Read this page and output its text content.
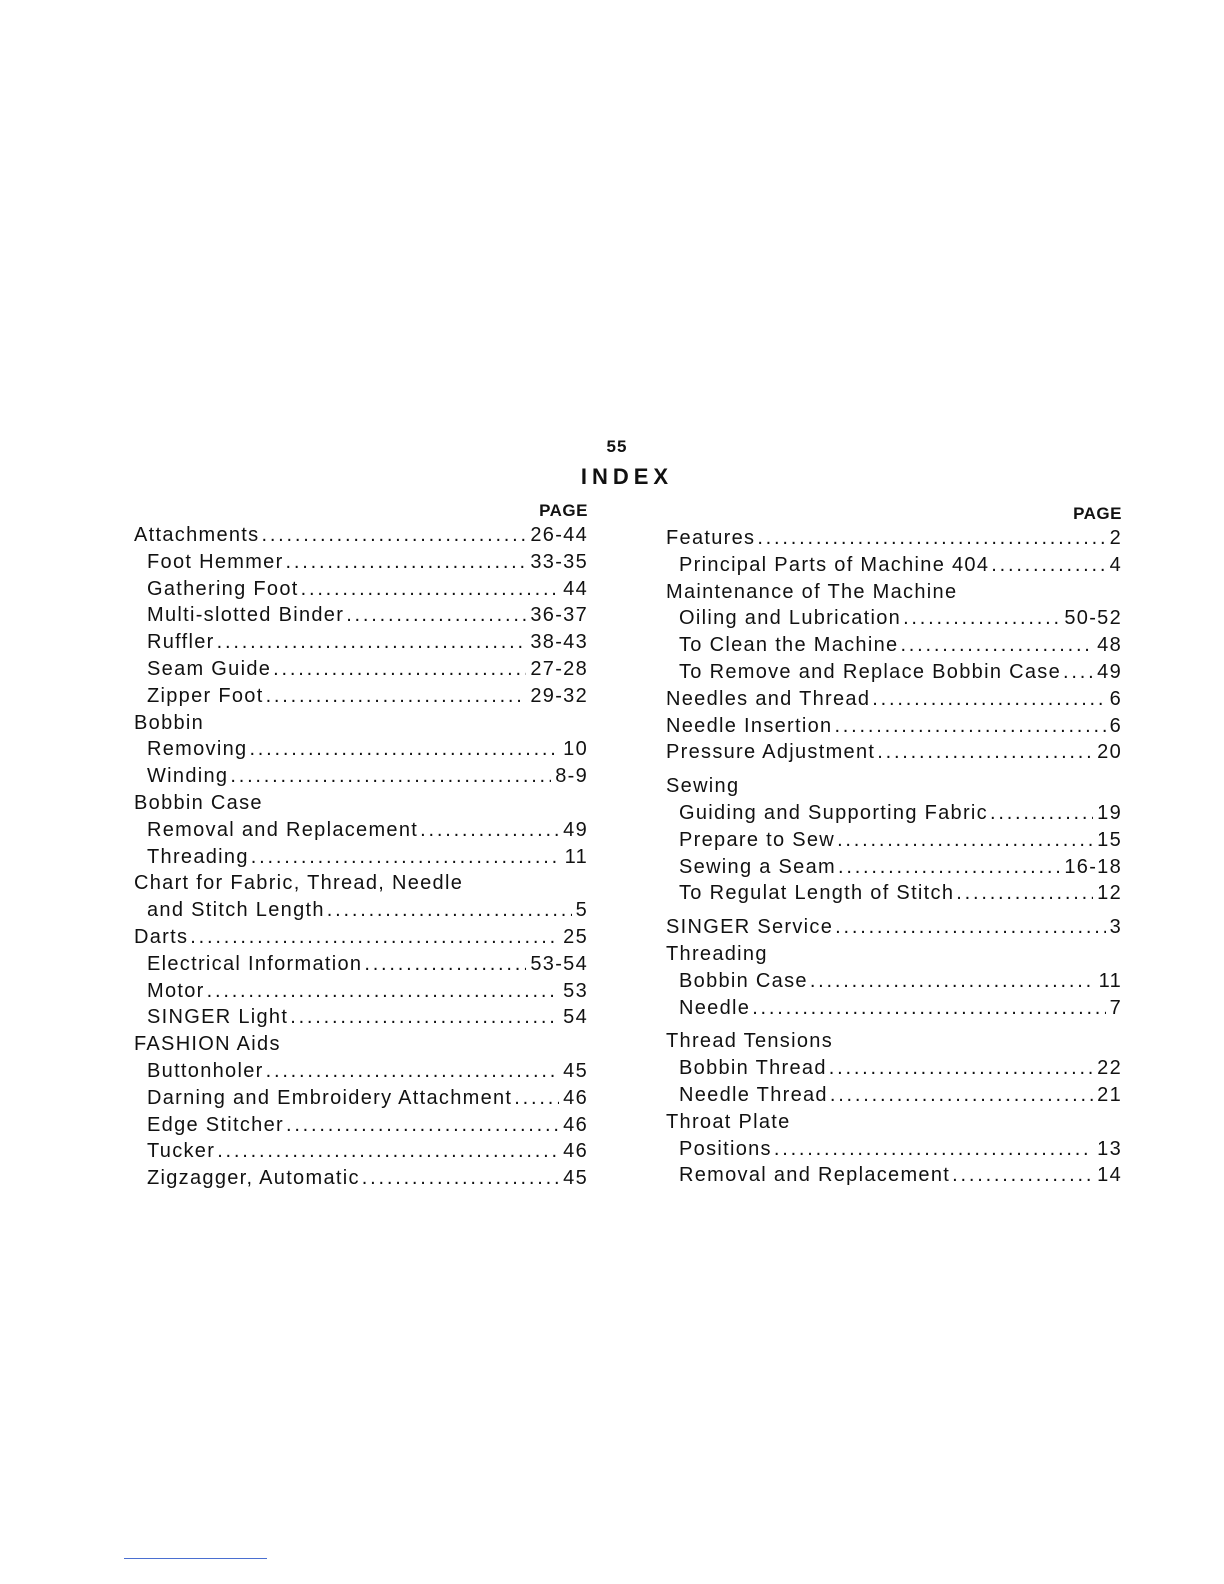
55
INDEX
PAGE
Attachments .....	26-44
Foot Hemmer .....	33-35
Gathering Foot .....	44
Multi-slotted Binder .....	36-37
Ruffler .....	38-43
Seam Guide .....	27-28
Zipper Foot .....	29-32
Bobbin
Removing .....	10
Winding .....	8-9
Bobbin Case
Removal and Replacement .....	49
Threading .....	11
Chart for Fabric, Thread, Needle
and Stitch Length .....	5
Darts .....	25
Electrical Information .....	53-54
Motor .....	53
SINGER Light .....	54
FASHION Aids
Buttonholer .....	45
Darning and Embroidery Attachment .....	46
Edge Stitcher .....	46
Tucker .....	46
Zigzagger, Automatic .....	45
PAGE
Features .....	2
Principal Parts of Machine 404 .....	4
Maintenance of The Machine
Oiling and Lubrication .....	50-52
To Clean the Machine .....	48
To Remove and Replace Bobbin Case ..... 49
Needles and Thread .....	6
Needle Insertion .....	6
Pressure Adjustment .....	20
Sewing
Guiding and Supporting Fabric .....	19
Prepare to Sew .....	15
Sewing a Seam .....	16-18
To Regulat Length of Stitch .....	12
SINGER Service .....	3
Threading
Bobbin Case .....	11
Needle .....	7
Thread Tensions
Bobbin Thread .....	22
Needle Thread .....	21
Throat Plate
Positions .....	13
Removal and Replacement .....	14
